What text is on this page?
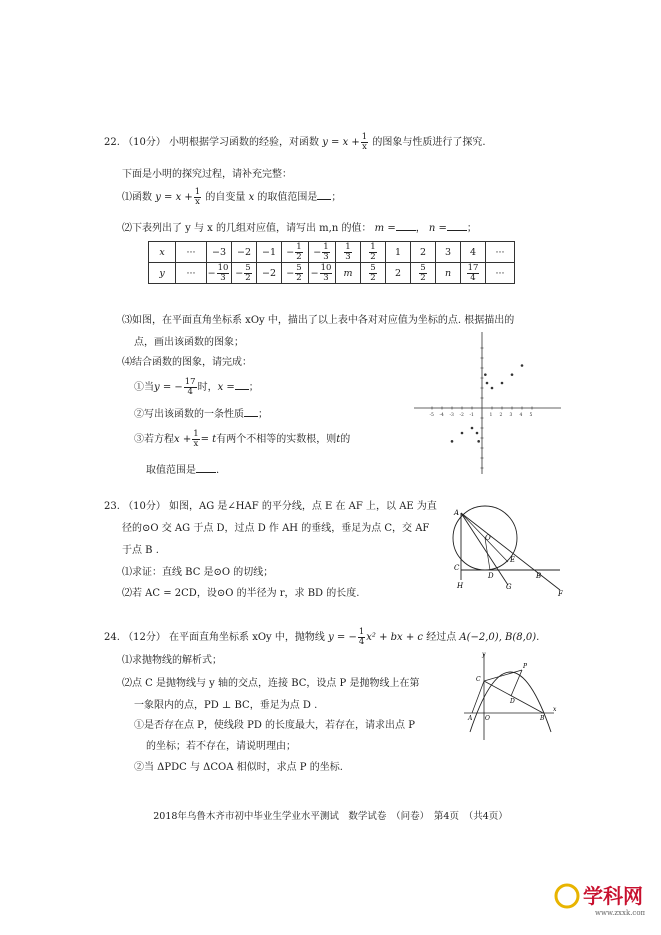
22. （10分） 小明根据学习函数的经验，对函数 $y = x + \frac{1}{x}$ 的图象与性质进行了探究.
下面是小明的探究过程，请补充完整：
⑴函数 $y = x + \frac{1}{x}$ 的自变量 x 的取值范围是 ；
⑵下表列出了 y 与 x 的几组对应值，请写出 m,n 的值： m = ， n = ；
x	···	−3	−2	−1	− $\frac{1}{2}$	− $\frac{1}{3}$	$\frac{1}{3}$	$\frac{1}{2}$	1	2	3	4	···
y	···	− $\frac{10}{3}$	− $\frac{5}{2}$	−2	− $\frac{5}{2}$	− $\frac{10}{3}$	m	$\frac{5}{2}$	2	$\frac{5}{2}$	n	$\frac{17}{4}$	···
⑶如图，在平面直角坐标系 xOy 中，描出了以上表中各对对应值为坐标的点. 根据描出的
点，画出该函数的图象；
⑷结合函数的图象，请完成：
①当y = − $\frac{17}{4}$ 时，x = ；
②写出该函数的一条性质 ；
③若方程$x + \frac{1}{x} = t$有两个不相等的实数根，则t的
取值范围是 .
-5 -4 -3 -2 -1	1 2 3 4 5
23. （10分） 如图，AG 是∠HAF 的平分线，点 E 在 AF 上，以 AE 为直
径的⊙O 交 AG 于点 D，过点 D 作 AH 的垂线，垂足为点 C，交 AF
于点 B .
⑴求证：直线 BC 是⊙O 的切线；
⑵若 AC = 2CD，设⊙O 的半径为 r，求 BD 的长度.
A
O
E
C
D
G
B
F
H
24. （12分） 在平面直角坐标系 xOy 中，抛物线 y = − $\frac{1}{4} x^2$ + bx + c 经过点 A(−2,0), B(8,0).
⑴求抛物线的解析式；
⑵点 C 是抛物线与 y 轴的交点，连接 BC，设点 P 是抛物线上在第
一象限内的点，PD ⊥ BC，垂足为点 D .
①是否存在点 P，使线段 PD 的长度最大，若存在，请求出点 P
的坐标；若不存在，请说明理由；
②当 ΔPDC 与 ΔCOA 相似时，求点 P 的坐标.
y
x
C
P
D
A O	B
2018年乌鲁木齐市初中毕业生学业水平测试　数学试卷　（问卷）　第4页　（共4页）
学科网
www.zxxk.com
